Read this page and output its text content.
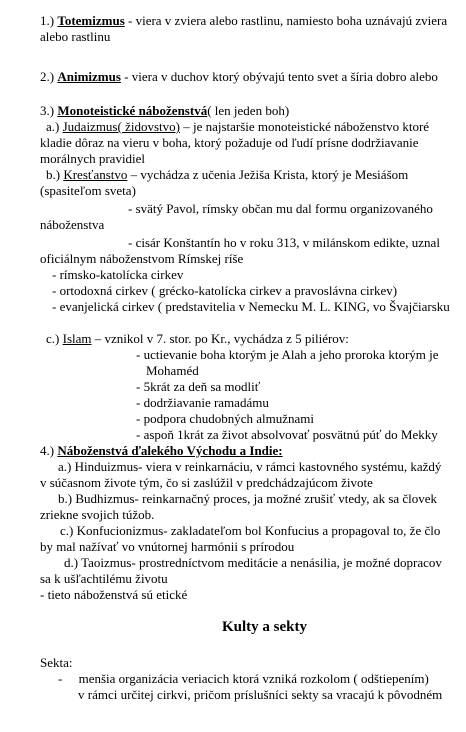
1.) Totemizmus - viera v zviera alebo rastlinu, namiesto boha uznávajú zviera
alebo rastlinu
2.) Animizmus - viera v duchov ktorý obývajú tento svet a šíria dobro alebo
3.) Monoteistické náboženstvá( len jeden boh)
a.) Judaizmus( židovstvo) – je najstaršie monoteistické náboženstvo ktoré
kladie dôraz na vieru v boha, ktorý požaduje od ľudí prísne dodržiavanie
morálnych pravidiel
b.) Kresťanstvo – vychádza z učenia Ježiša Krista, ktorý je Mesiášom
(spasiteľom sveta)
- svätý Pavol, rímsky občan mu dal formu organizovaného
náboženstva
- cisár Konštantín ho v roku 313, v milánskom edikte, uznal
oficiálnym náboženstvom Rímskej ríše
- rímsko-katolícka cirkev
- ortodoxná cirkev ( grécko-katolícka cirkev a pravoslávna cirkev)
- evanjelická cirkev ( predstavitelia v Nemecku M. L. KING, vo Švajčiarsku
c.) Islam – vznikol v 7. stor. po Kr., vychádza z 5 piliérov:
- uctievanie boha ktorým je Alah a jeho proroka ktorým je
Mohaméd
- 5krát za deň sa modliť
- dodržiavanie ramadámu
- podpora chudobných almužnami
- aspoň 1krát za život absolvovať posvätnú púť do Mekky
4.) Náboženstvá ďalekého Východu a Indie:
a.) Hinduizmus- viera v reinkarnáciu, v rámci kastovného systému, každý
v súčasnom živote tým, čo si zaslúžil v predchádzajúcom živote
b.) Budhizmus- reinkarnačný proces, ja možné zrušiť vtedy, ak sa človek
zriekne svojich túžob.
c.) Konfucionizmus- zakladateľom bol Konfucius a propagoval to, že člo
by mal nažívať vo vnútornej harmónii s prírodou
d.) Taoizmus- prostredníctvom meditácie a nenásilia, je možné dopracov
sa k ušľachtilému životu
- tieto náboženstvá sú etické
Kulty a sekty
Sekta:
-     menšia organizácia veriacich ktorá vzniká rozkolom ( odštiepením)
v rámci určitej cirkvi, pričom príslušníci sekty sa vracajú k pôvodném
